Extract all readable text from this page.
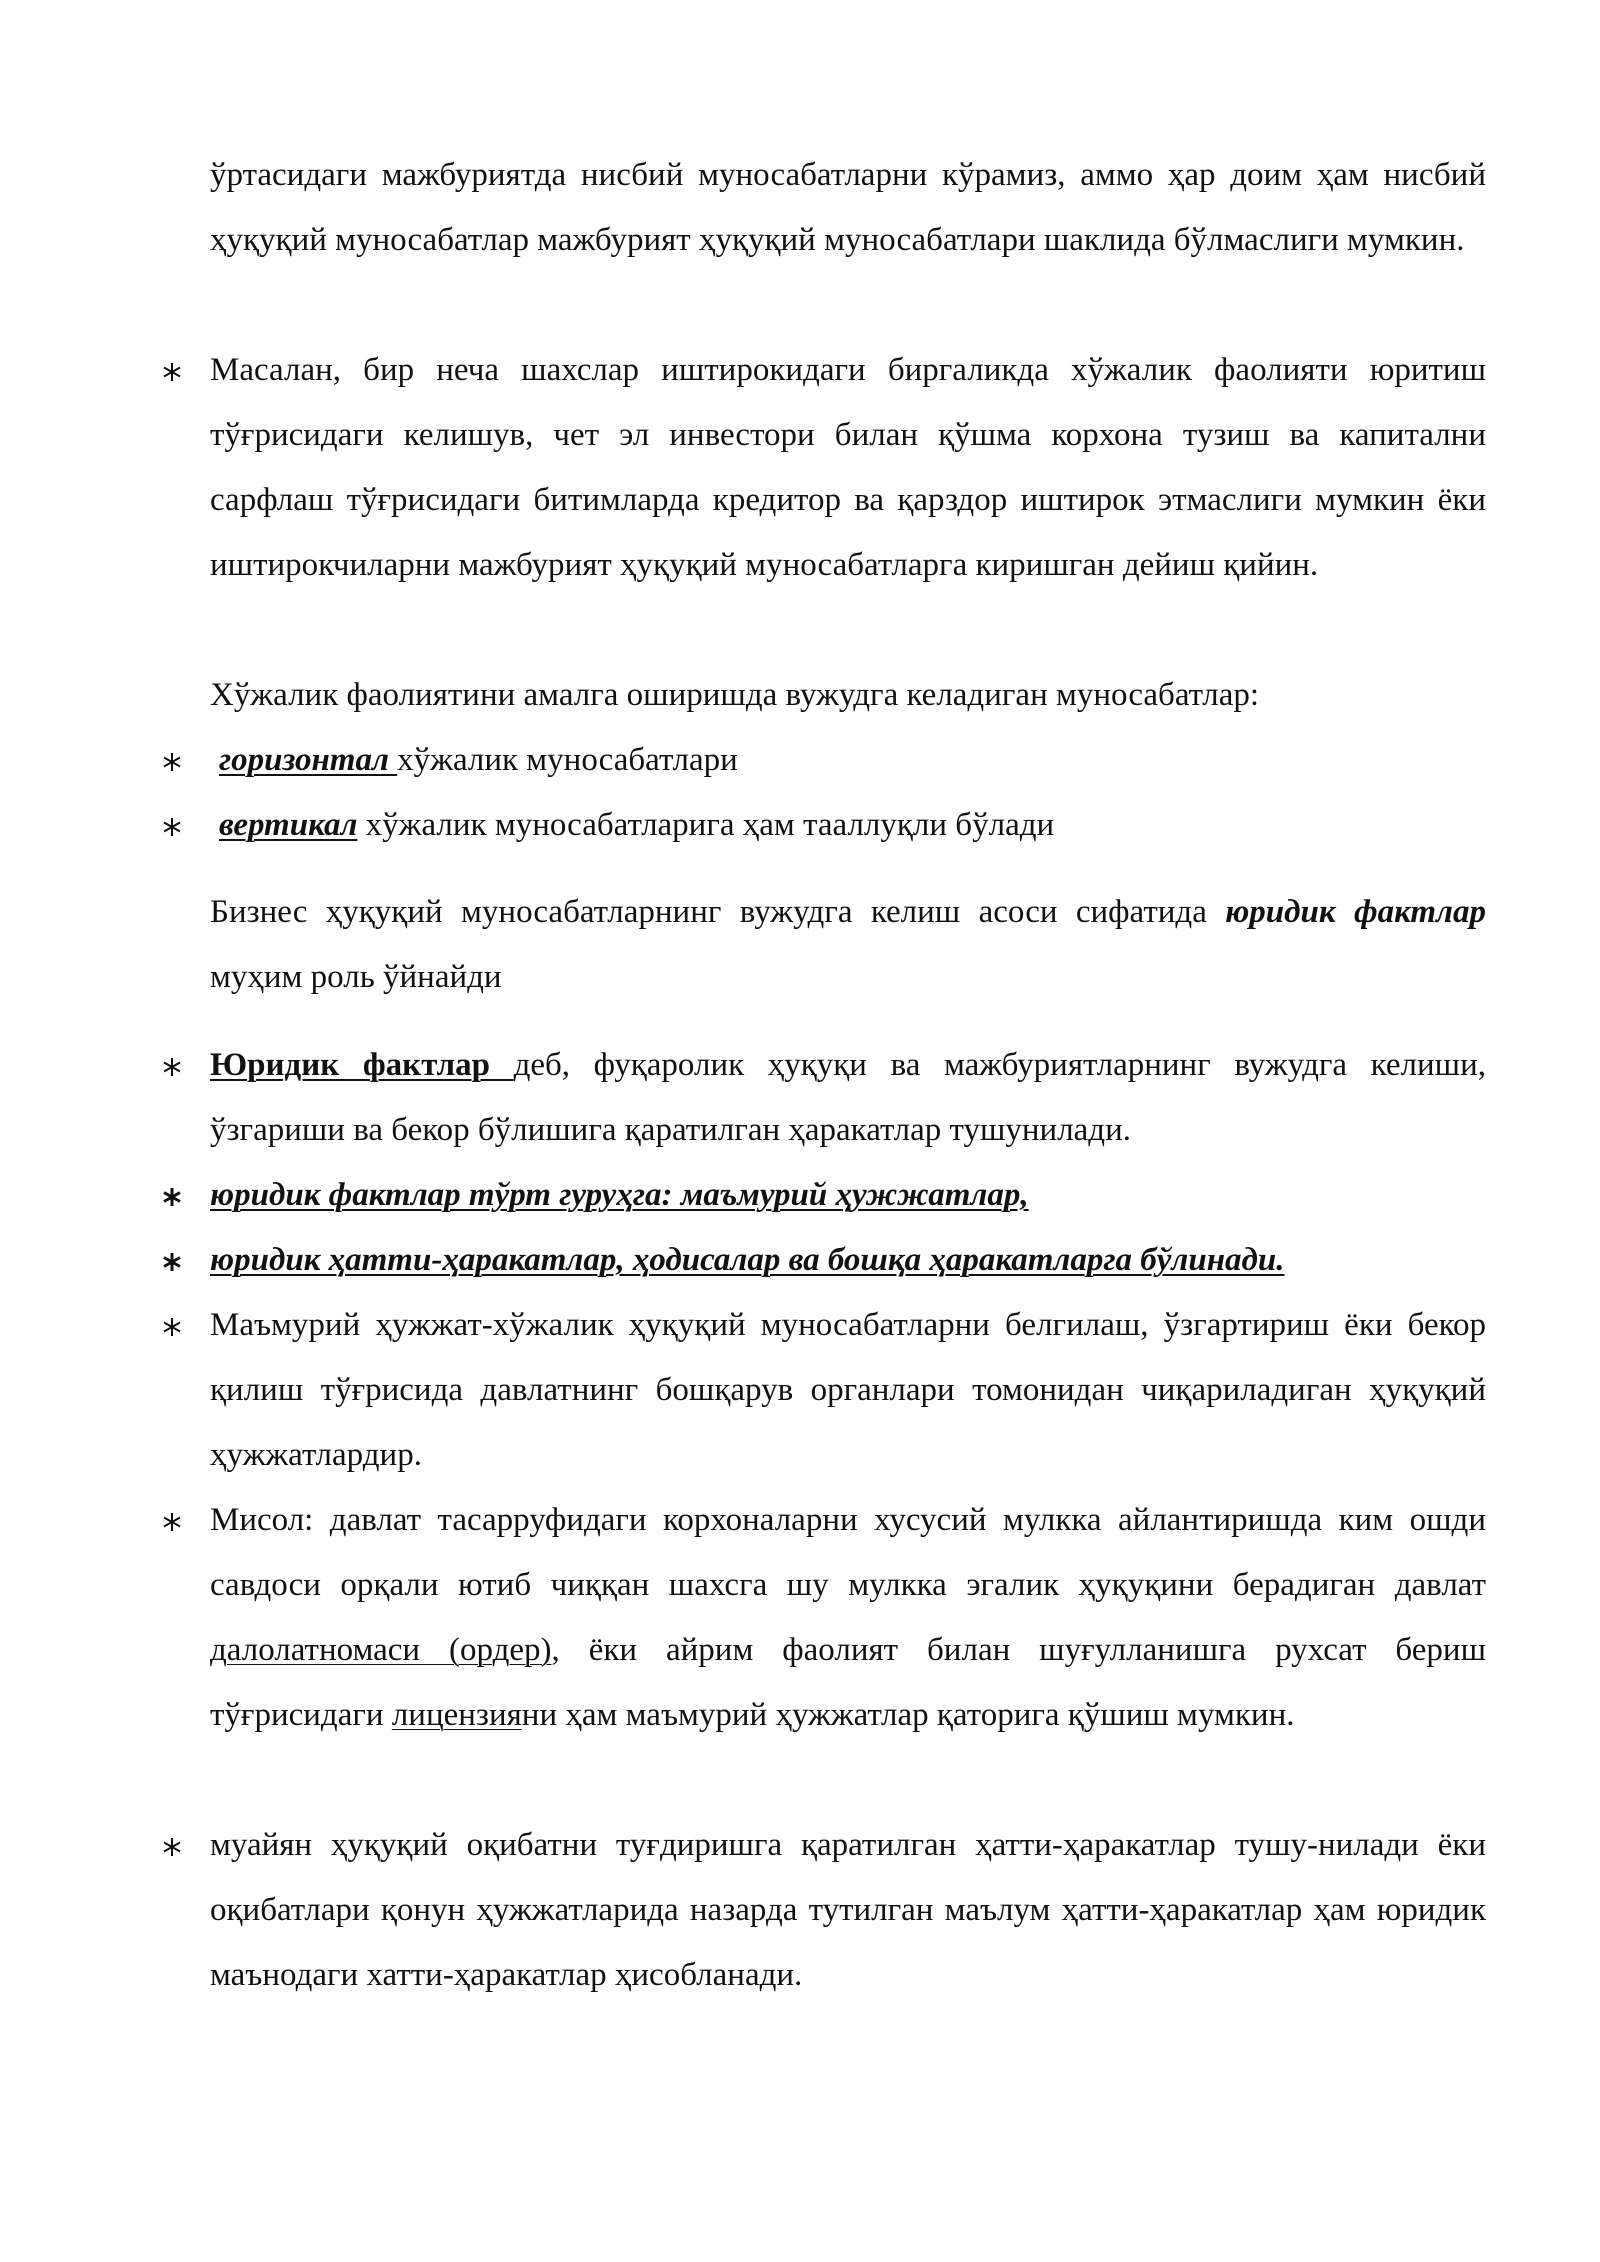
ўртасидаги мажбуриятда нисбий муносабатларни кўрамиз, аммо ҳар доим ҳам нисбий ҳуқуқий муносабатлар мажбурият ҳуқуқий муносабатлари шаклида бўлмаслиги мумкин.
Масалан, бир неча шахслар иштирокидаги биргаликда хўжалик фаолияти юритиш тўғрисидаги келишув, чет эл инвестори билан қўшма корхона тузиш ва капитални сарфлаш тўғрисидаги битимларда кредитор ва қарздор иштирок этмаслиги мумкин ёки иштирокчиларни мажбурият ҳуқуқий муносабатларга киришган дейиш қийин.
Хўжалик фаолиятини амалга оширишда вужудга келадиган муносабатлар:
горизонтал хўжалик муносабатлари
вертикал хўжалик муносабатларига ҳам тааллуқли бўлади
Бизнес ҳуқуқий муносабатларнинг вужудга келиш асоси сифатида юридик фактлар муҳим роль ўйнайди
Юридик фактлар деб, фуқаролик ҳуқуқи ва мажбуриятларнинг вужудга келиши, ўзгариши ва бекор бўлишига қаратилган ҳаракатлар тушунилади.
юридик фактлар тўрт гуруҳга: маъмурий ҳужжатлар,
юридик ҳатти-ҳаракатлар, ҳодисалар ва бошқа ҳаракатларга бўлинади.
Маъмурий ҳужжат-хўжалик ҳуқуқий муносабатларни белгилаш, ўзгартириш ёки бекор қилиш тўғрисида давлатнинг бошқарув органлари томонидан чиқариладиган ҳуқуқий ҳужжатлардир.
Мисол: давлат тасарруфидаги корхоналарни хусусий мулкка айлантиришда ким ошди савдоси орқали ютиб чиққан шахсга шу мулкка эгалик ҳуқуқини берадиган давлат далолатномаси (ордер), ёки айрим фаолият билан шуғулланишга рухсат бериш тўғрисидаги лицензияни ҳам маъмурий ҳужжатлар қаторига қўшиш мумкин.
муайян ҳуқуқий оқибатни туғдиришга қаратилган ҳатти-ҳаракатлар тушу-нилади ёки оқибатлари қонун ҳужжатларида назарда тутилган маълум ҳатти-ҳаракатлар ҳам юридик маънодаги хатти-ҳаракатлар ҳисобланади.
